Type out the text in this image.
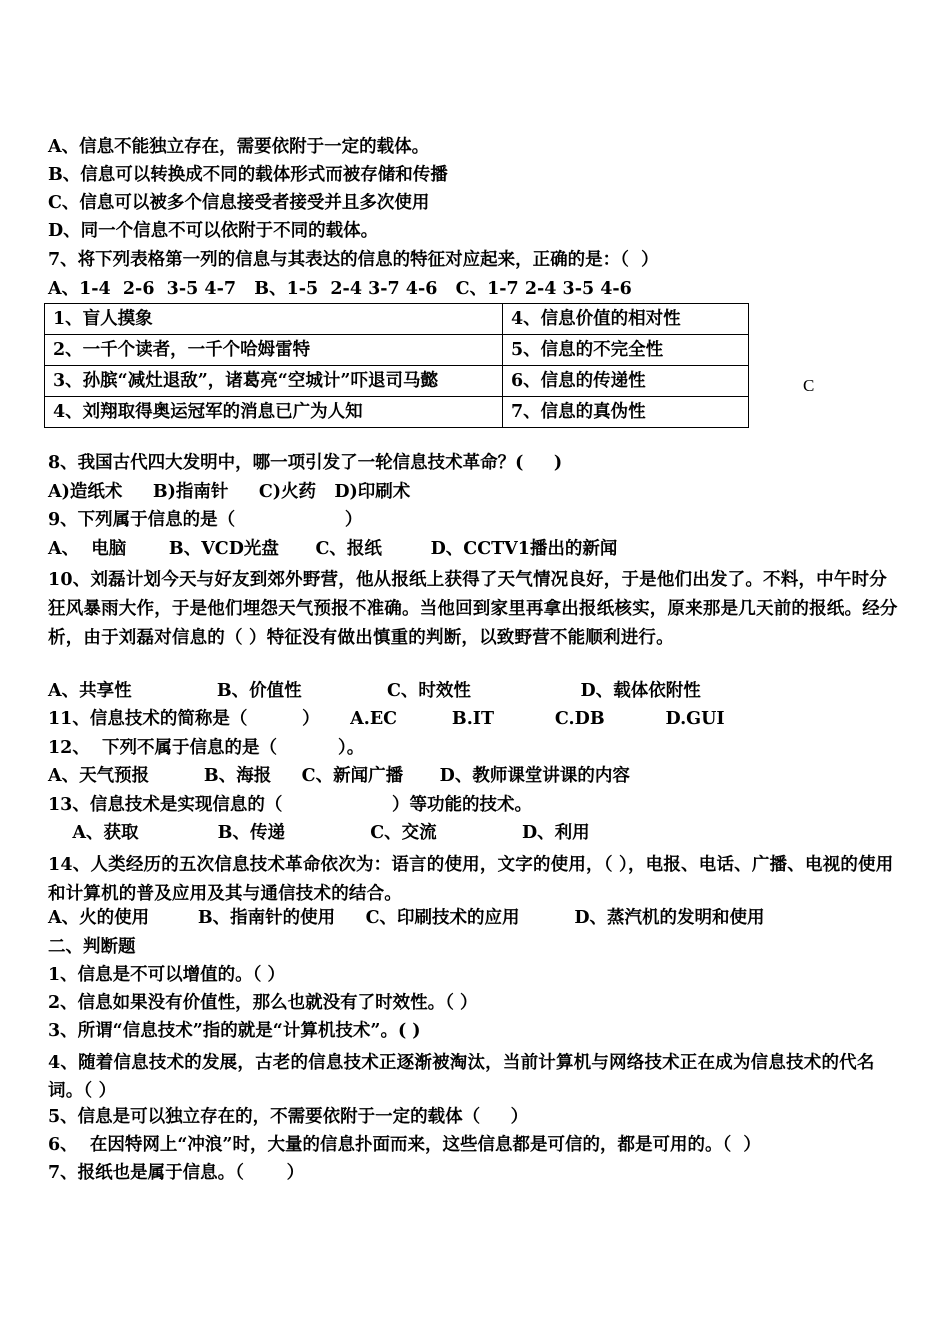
A、信息不能独立存在，需要依附于一定的载体。
B、信息可以转换成不同的载体形式而被存储和传播
C、信息可以被多个信息接受者接受并且多次使用
D、同一个信息不可以依附于不同的载体。
7、将下列表格第一列的信息与其表达的信息的特征对应起来，正确的是：（  ）
A、1-4  2-6  3-5 4-7   B、1-5  2-4 3-7 4-6   C、1-7 2-4 3-5 4-6
1、盲人摸象	4、信息价值的相对性
2、一千个读者，一千个哈姆雷特	5、信息的不完全性
3、孙膑“减灶退敌”，诸葛亮“空城计”吓退司马懿	6、信息的传递性
4、刘翔取得奥运冠军的消息已广为人知	7、信息的真伪性
C
8、我国古代四大发明中，哪一项引发了一轮信息技术革命？(     )
A)造纸术     B)指南针     C)火药   D)印刷术
9、下列属于信息的是（                  ）
A、  电脑       B、VCD光盘      C、报纸        D、CCTV1播出的新闻
10、刘磊计划今天与好友到郊外野营，他从报纸上获得了天气情况良好，于是他们出发了。不料，中午时分狂风暴雨大作，于是他们埋怨天气预报不准确。当他回到家里再拿出报纸核实，原来那是几天前的报纸。经分析，由于刘磊对信息的（ ）特征没有做出慎重的判断，以致野营不能顺利进行。
A、共享性              B、价值性              C、时效性                  D、载体依附性
11、信息技术的简称是（         ）     A.EC         B.IT          C.DB          D.GUI
12、  下列不属于信息的是（          ）。
A、天气预报         B、海报     C、新闻广播      D、教师课堂讲课的内容
13、信息技术是实现信息的（                  ）等功能的技术。
A、获取             B、传递              C、交流              D、利用
14、人类经历的五次信息技术革命依次为：语言的使用，文字的使用，（ ），电报、电话、广播、电视的使用和计算机的普及应用及其与通信技术的结合。
A、火的使用        B、指南针的使用     C、印刷技术的应用         D、蒸汽机的发明和使用
二、判断题
1、信息是不可以增值的。（ ）
2、信息如果没有价值性，那么也就没有了时效性。（ ）
3、所谓“信息技术”指的就是“计算机技术”。( )
4、随着信息技术的发展，古老的信息技术正逐渐被淘汰，当前计算机与网络技术正在成为信息技术的代名词。（ ）
5、信息是可以独立存在的，不需要依附于一定的载体（     ）
6、  在因特网上“冲浪”时，大量的信息扑面而来，这些信息都是可信的，都是可用的。（  ）
7、报纸也是属于信息。（       ）
